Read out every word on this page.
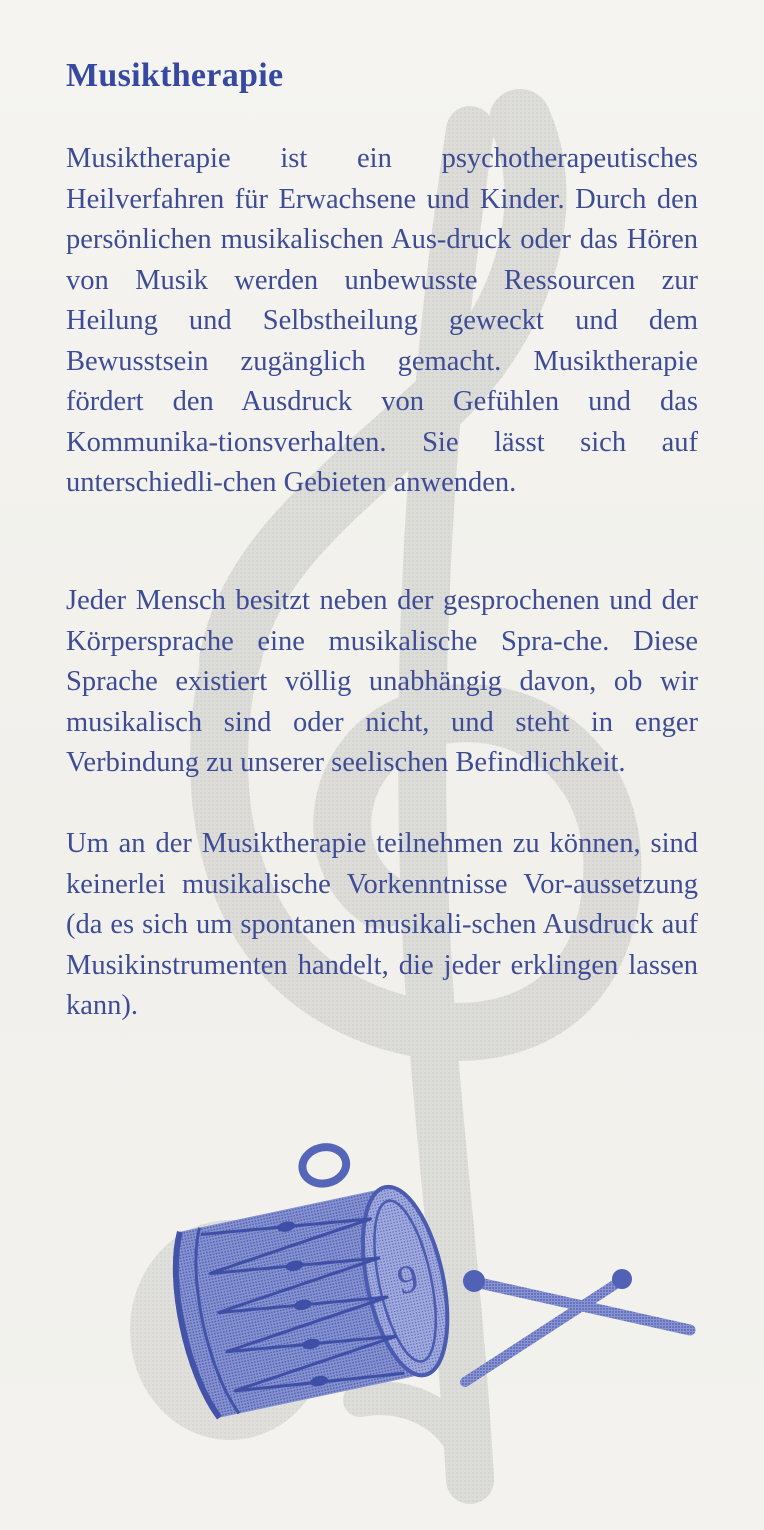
Musiktherapie

Musiktherapie ist ein psychotherapeutisches Heilverfahren für Erwachsene und Kinder. Durch den persönlichen musikalischen Aus-druck oder das Hören von Musik werden unbewusste Ressourcen zur Heilung und Selbstheilung geweckt und dem Bewusstsein zugänglich gemacht. Musiktherapie fördert den Ausdruck von Gefühlen und das Kommunika-tionsverhalten. Sie lässt sich auf unterschiedli-chen Gebieten anwenden.

Jeder Mensch besitzt neben der gesprochenen und der Körpersprache eine musikalische Spra-che. Diese Sprache existiert völlig unabhängig davon, ob wir musikalisch sind oder nicht, und steht in enger Verbindung zu unserer seelischen Befindlichkeit.

Um an der Musiktherapie teilnehmen zu können, sind keinerlei musikalische Vorkenntnisse Vor-aussetzung (da es sich um spontanen musikali-schen Ausdruck auf Musikinstrumenten handelt, die jeder erklingen lassen kann).

9
